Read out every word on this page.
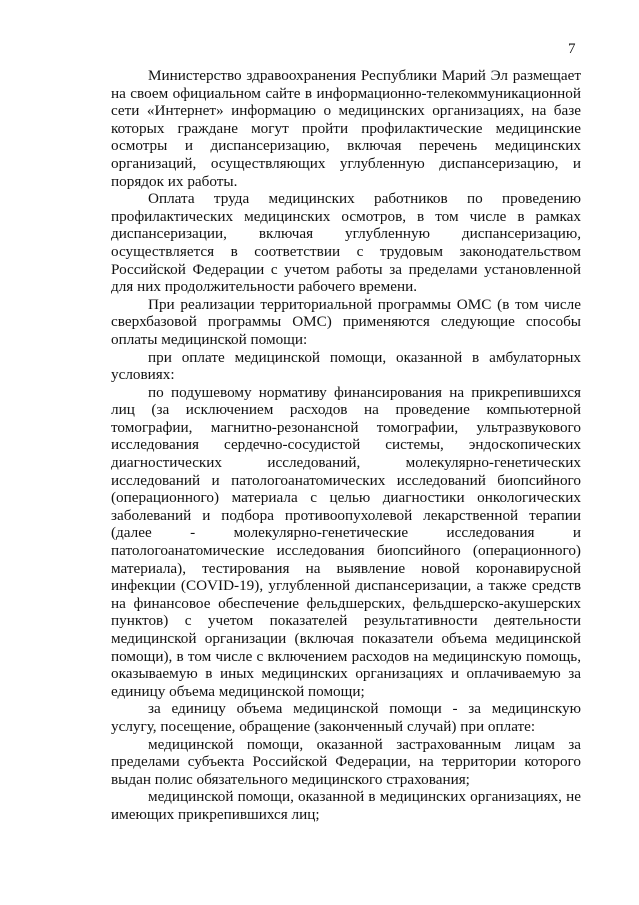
7

Министерство здравоохранения Республики Марий Эл размещает на своем официальном сайте в информационно-телекоммуникационной сети «Интернет» информацию о медицинских организациях, на базе которых граждане могут пройти профилактические медицинские осмотры и диспансеризацию, включая перечень медицинских организаций, осуществляющих углубленную диспансеризацию, и порядок их работы.

Оплата труда медицинских работников по проведению профилактических медицинских осмотров, в том числе в рамках диспансеризации, включая углубленную диспансеризацию, осуществляется в соответствии с трудовым законодательством Российской Федерации с учетом работы за пределами установленной для них продолжительности рабочего времени.

При реализации территориальной программы ОМС (в том числе сверхбазовой программы ОМС) применяются следующие способы оплаты медицинской помощи:

при оплате медицинской помощи, оказанной в амбулаторных условиях:

по подушевому нормативу финансирования на прикрепившихся лиц (за исключением расходов на проведение компьютерной томографии, магнитно-резонансной томографии, ультразвукового исследования сердечно-сосудистой системы, эндоскопических диагностических исследований, молекулярно-генетических исследований и патологоанатомических исследований биопсийного (операционного) материала с целью диагностики онкологических заболеваний и подбора противоопухолевой лекарственной терапии (далее - молекулярно-генетические исследования и патологоанатомические исследования биопсийного (операционного) материала), тестирования на выявление новой коронавирусной инфекции (COVID-19), углубленной диспансеризации, а также средств на финансовое обеспечение фельдшерских, фельдшерско-акушерских пунктов) с учетом показателей результативности деятельности медицинской организации (включая показатели объема медицинской помощи), в том числе с включением расходов на медицинскую помощь, оказываемую в иных медицинских организациях и оплачиваемую за единицу объема медицинской помощи;

за единицу объема медицинской помощи - за медицинскую услугу, посещение, обращение (законченный случай) при оплате:

медицинской помощи, оказанной застрахованным лицам за пределами субъекта Российской Федерации, на территории которого выдан полис обязательного медицинского страхования;

медицинской помощи, оказанной в медицинских организациях, не имеющих прикрепившихся лиц;
